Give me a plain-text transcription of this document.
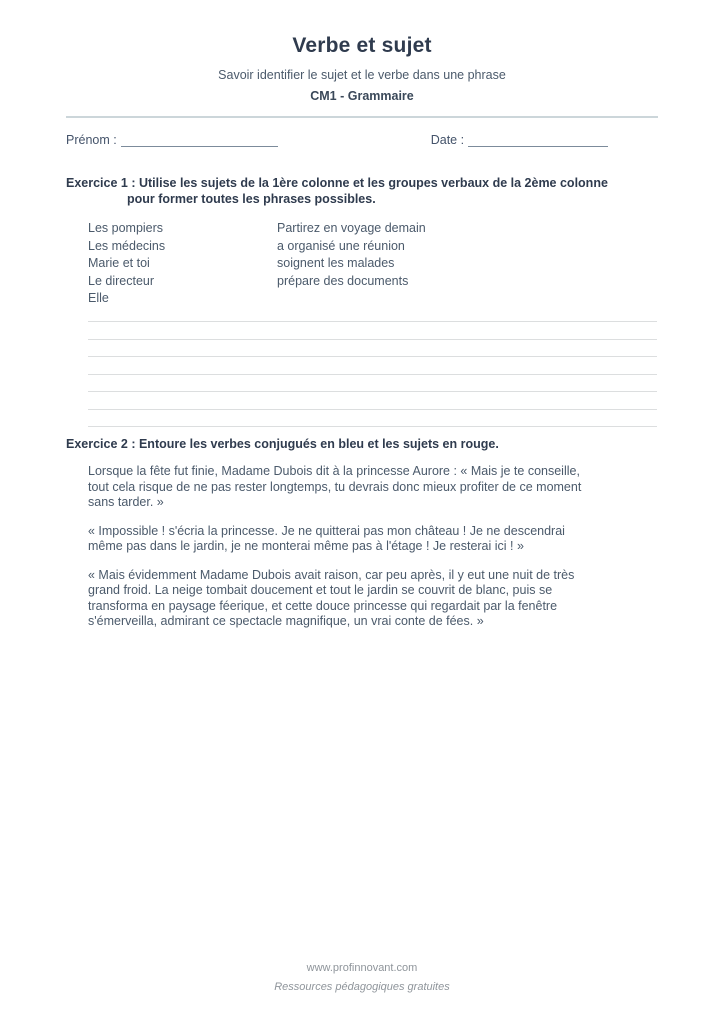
Verbe et sujet
Savoir identifier le sujet et le verbe dans une phrase
CM1 - Grammaire
Prénom :	Date :
Exercice 1 : Utilise les sujets de la 1ère colonne et les groupes verbaux de la 2ème colonne
pour former toutes les phrases possibles.
Les pompiers
Les médecins
Marie et toi
Le directeur
Elle
Partirez en voyage demain
a organisé une réunion
soignent les malades
prépare des documents
Exercice 2 : Entoure les verbes conjugués en bleu et les sujets en rouge.

Lorsque la fête fut finie, Madame Dubois dit à la princesse Aurore : « Mais je te conseille, tout cela risque de ne pas rester longtemps, tu devrais donc mieux profiter de ce moment sans tarder. »

« Impossible ! s'écria la princesse. Je ne quitterai pas mon château ! Je ne descendrai même pas dans le jardin, je ne monterai même pas à l'étage ! Je resterai ici ! »

« Mais évidemment Madame Dubois avait raison, car peu après, il y eut une nuit de très grand froid. La neige tombait doucement et tout le jardin se couvrit de blanc, puis se transforma en paysage féerique, et cette douce princesse qui regardait par la fenêtre s'émerveilla, admirant ce spectacle magnifique, un vrai conte de fées. »

www.profinnovant.com
Ressources pédagogiques gratuites
